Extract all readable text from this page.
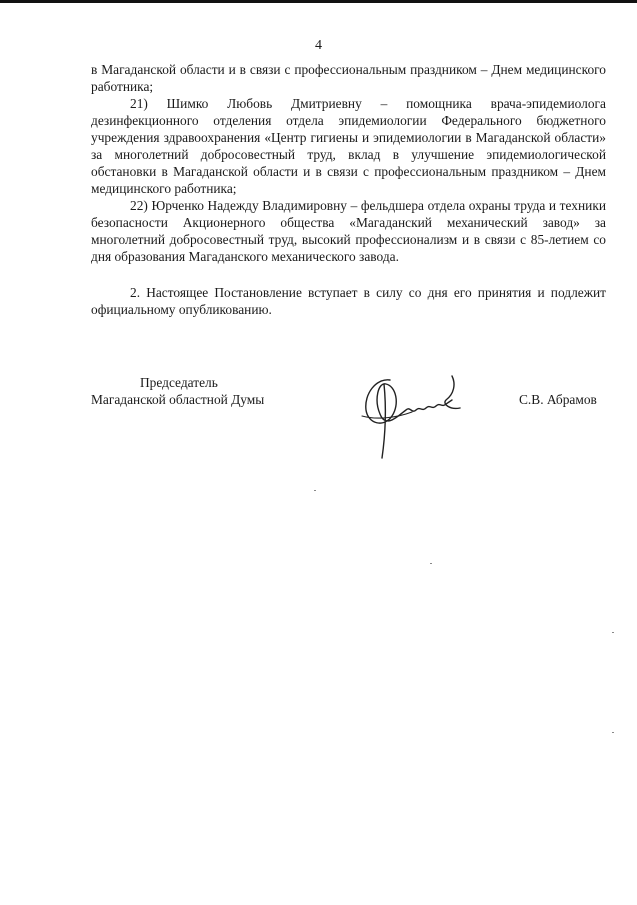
4

в Магаданской области и в связи с профессиональным праздником – Днем медицинского работника;

21) Шимко Любовь Дмитриевну – помощника врача-эпидемиолога дезинфекционного отделения отдела эпидемиологии Федерального бюджетного учреждения здравоохранения «Центр гигиены и эпидемиологии в Магаданской области» за многолетний добросовестный труд, вклад в улучшение эпидемиологической обстановки в Магаданской области и в связи с профессиональным праздником – Днем медицинского работника;

22) Юрченко Надежду Владимировну – фельдшера отдела охраны труда и техники безопасности Акционерного общества «Магаданский механический завод» за многолетний добросовестный труд, высокий профессионализм и в связи с 85-летием со дня образования Магаданского механического завода.

2. Настоящее Постановление вступает в силу со дня его принятия и подлежит официальному опубликованию.

Председатель
Магаданской областной Думы	С.В. Абрамов
